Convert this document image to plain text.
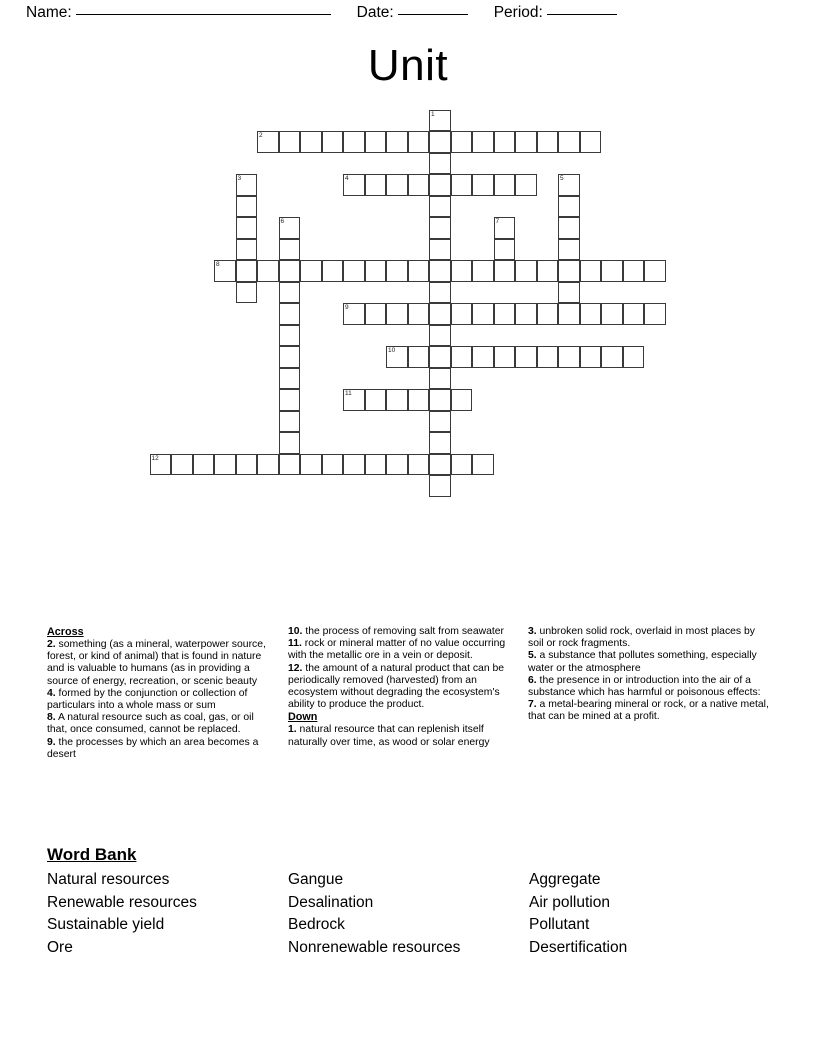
Name:	Date:	Period:
Unit
1
2
3	4	5
6	7
8
9
10
11
12
Across
2. something (as a mineral, waterpower source, forest, or kind of animal) that is found in nature and is valuable to humans (as in providing a source of energy, recreation, or scenic beauty
4. formed by the conjunction or collection of particulars into a whole mass or sum
8. A natural resource such as coal, gas, or oil that, once consumed, cannot be replaced.
9. the processes by which an area becomes a desert
10. the process of removing salt from seawater
11. rock or mineral matter of no value occurring with the metallic ore in a vein or deposit.
12. the amount of a natural product that can be periodically removed (harvested) from an ecosystem without degrading the ecosystem's ability to produce the product.
Down
1. natural resource that can replenish itself naturally over time, as wood or solar energy
3. unbroken solid rock, overlaid in most places by soil or rock fragments.
5. a substance that pollutes something, especially water or the atmosphere
6. the presence in or introduction into the air of a substance which has harmful or poisonous effects:
7. a metal-bearing mineral or rock, or a native metal, that can be mined at a profit.
Word Bank
Natural resources	Gangue	Aggregate
Renewable resources	Desalination	Air pollution
Sustainable yield	Bedrock	Pollutant
Ore	Nonrenewable resources	Desertification
